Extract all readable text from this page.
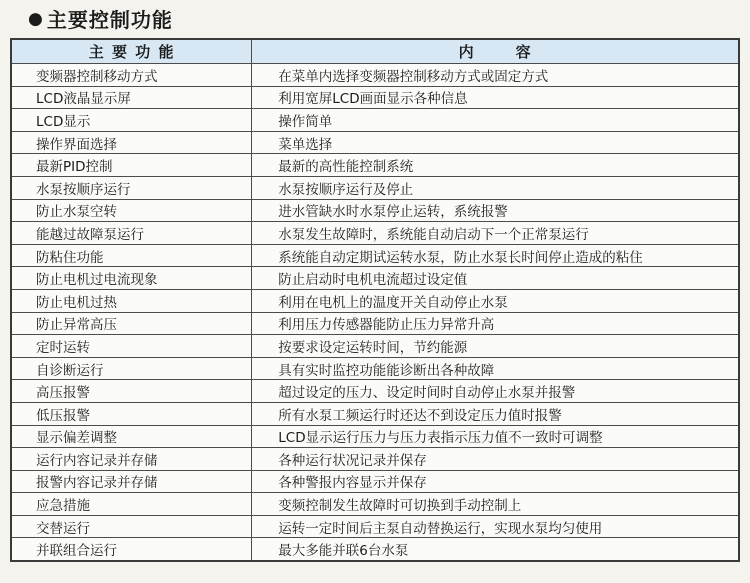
● 主要控制功能
主要功能	内容
变频器控制移动方式	在菜单内选择变频器控制移动方式或固定方式
LCD液晶显示屏	利用宽屏LCD画面显示各种信息
LCD显示	操作简单
操作界面选择	菜单选择
最新PID控制	最新的高性能控制系统
水泵按顺序运行	水泵按顺序运行及停止
防止水泵空转	进水管缺水时水泵停止运转，系统报警
能越过故障泵运行	水泵发生故障时，系统能自动启动下一个正常泵运行
防粘住功能	系统能自动定期试运转水泵，防止水泵长时间停止造成的粘住
防止电机过电流现象	防止启动时电机电流超过设定值
防止电机过热	利用在电机上的温度开关自动停止水泵
防止异常高压	利用压力传感器能防止压力异常升高
定时运转	按要求设定运转时间，节约能源
自诊断运行	具有实时监控功能能诊断出各种故障
高压报警	超过设定的压力、设定时间时自动停止水泵并报警
低压报警	所有水泵工频运行时还达不到设定压力值时报警
显示偏差调整	LCD显示运行压力与压力表指示压力值不一致时可调整
运行内容记录并存储	各种运行状况记录并保存
报警内容记录并存储	各种警报内容显示并保存
应急措施	变频控制发生故障时可切换到手动控制上
交替运行	运转一定时间后主泵自动替换运行，实现水泵均匀使用
并联组合运行	最大多能并联6台水泵
